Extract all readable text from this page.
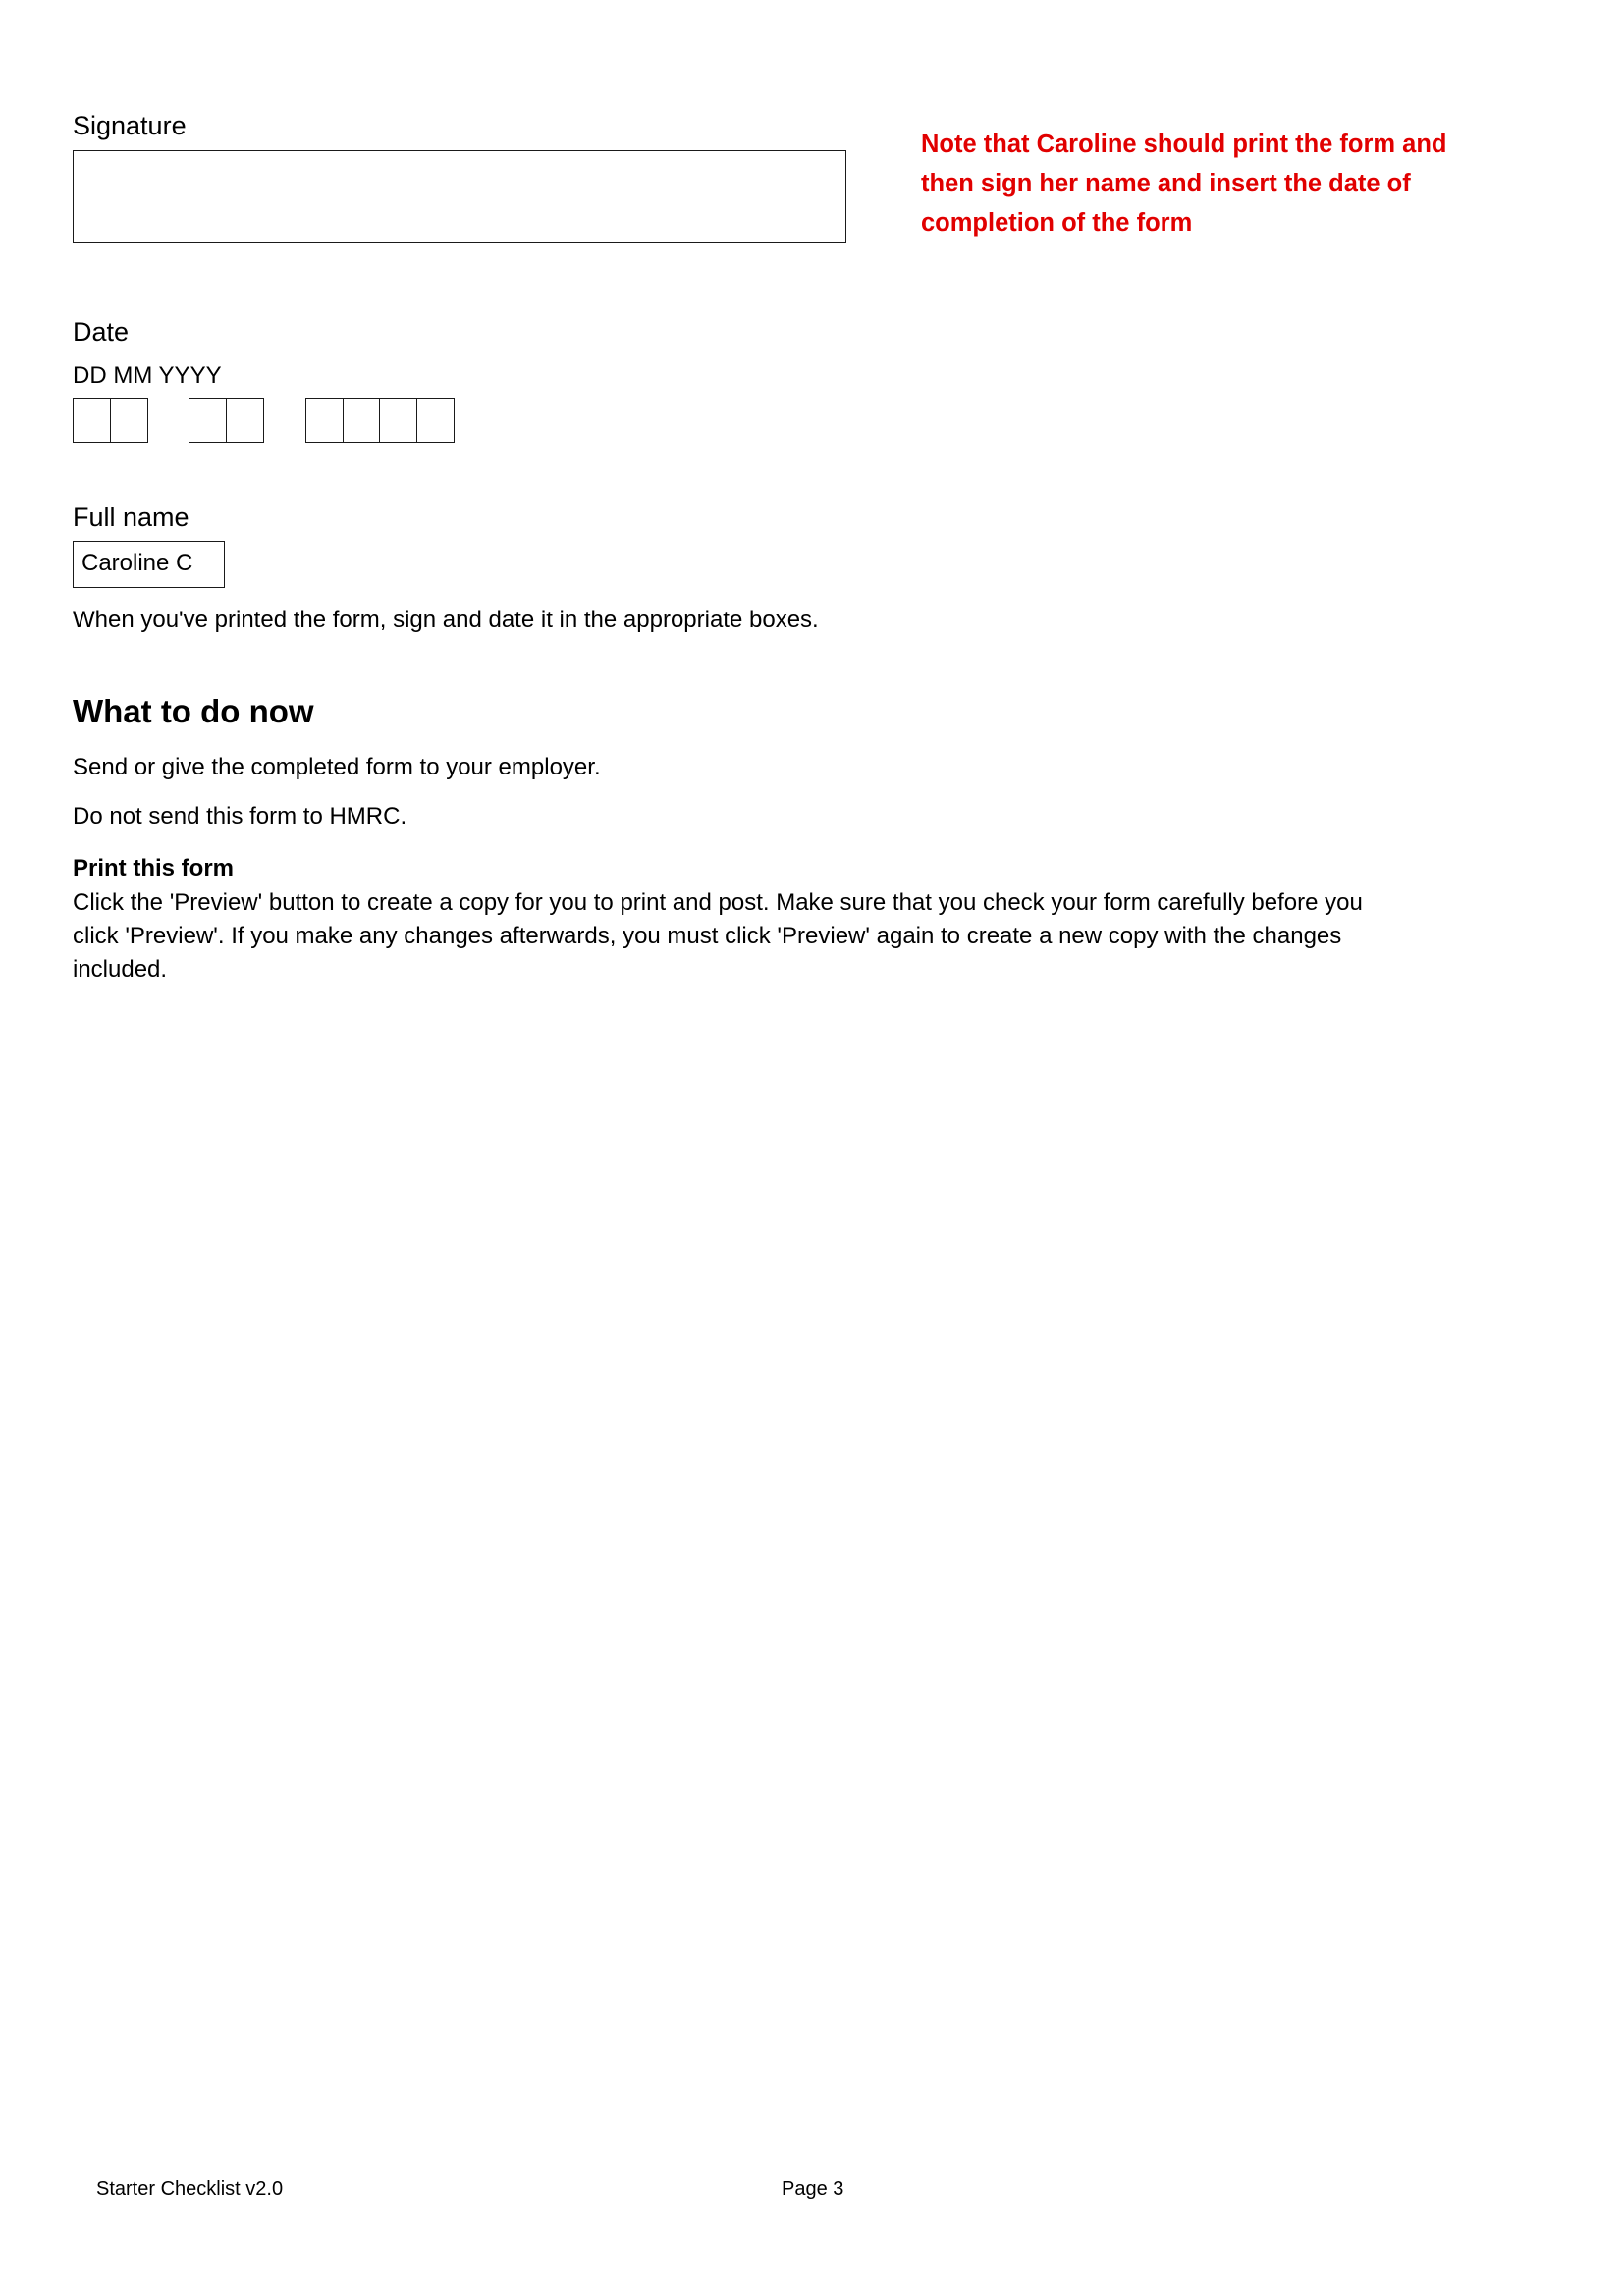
Signature
Note that Caroline should print the form and
then sign her name and insert the date of
completion of the form
Date
DD MM YYYY
Full name
Caroline C
When you've printed the form, sign and date it in the appropriate boxes.
What to do now
Send or give the completed form to your employer.
Do not send this form to HMRC.
Print this form
Click the 'Preview' button to create a copy for you to print and post. Make sure that you check your form carefully before you
click 'Preview'. If you make any changes afterwards, you must click 'Preview' again to create a new copy with the changes
included.
Starter Checklist v2.0	Page 3
